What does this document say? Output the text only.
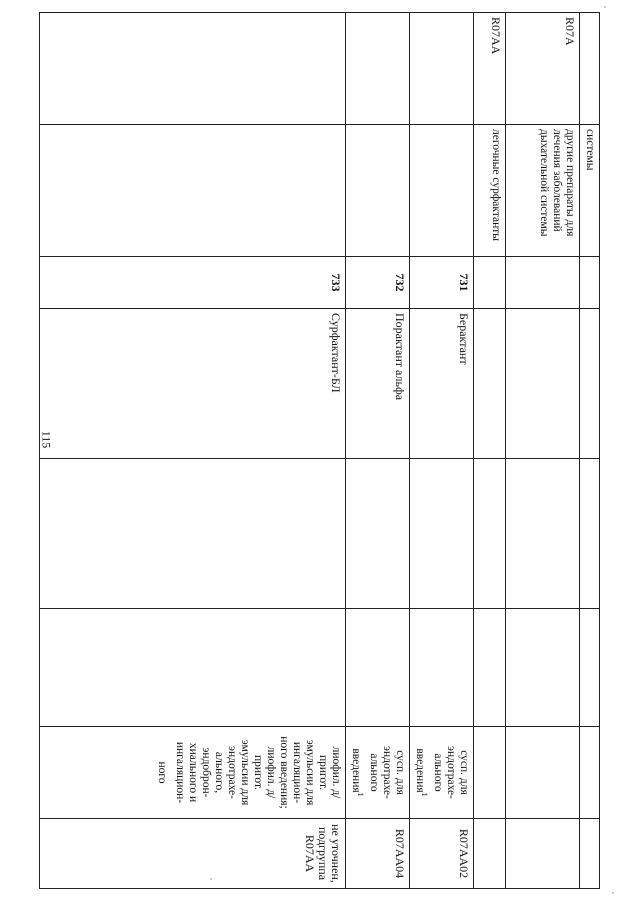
115
	системы						
R07A	другие препараты для лечения заболеваний дыхательной системы						
R07AA	легочные сурфактанты						
		731	Берактант			сусп. для эндотрахе-ального введения$^1$	R07AA02
		732	Порактант альфа			сусп. для эндотрахе-ального введения$^1$	R07AA04
		733	Сурфактант-БЛ			лиофил. д/пригот. эмульсии для ингаляцион-ного введения; лиофил. д/пригот. эмульсии для эндотрахе-ального, эндоброн-хиального и ингаляцион-ного	не уточнен, подгруппа R07AA
